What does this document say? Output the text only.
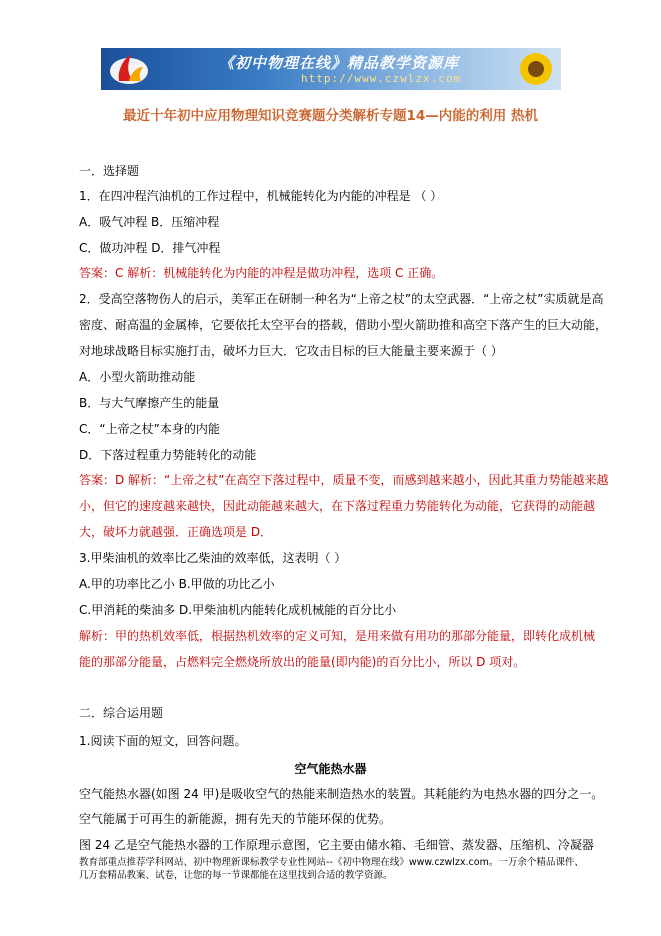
《初中物理在线》精品教学资源库
http://www.czwlzx.com
最近十年初中应用物理知识竞赛题分类解析专题14—内能的利用 热机
一．选择题
1．在四冲程汽油机的工作过程中，机械能转化为内能的冲程是 （ ）
A．吸气冲程 B．压缩冲程
C．做功冲程 D．排气冲程
答案：C 解析：机械能转化为内能的冲程是做功冲程，选项 C 正确。
2．受高空落物伤人的启示，美军正在研制一种名为“上帝之杖”的太空武器．“上帝之杖”实质就是高
密度、耐高温的金属棒，它要依托太空平台的搭载，借助小型火箭助推和高空下落产生的巨大动能，
对地球战略目标实施打击，破坏力巨大．它攻击目标的巨大能量主要来源于（ ）
A．小型火箭助推动能
B．与大气摩擦产生的能量
C．“上帝之杖”本身的内能
D．下落过程重力势能转化的动能
答案：D 解析：“上帝之杖”在高空下落过程中，质量不变，而感到越来越小，因此其重力势能越来越
小，但它的速度越来越快，因此动能越来越大，在下落过程重力势能转化为动能，它获得的动能越
大，破坏力就越强．正确选项是 D．
3.甲柴油机的效率比乙柴油的效率低，这表明（ ）
A.甲的功率比乙小 B.甲做的功比乙小
C.甲消耗的柴油多 D.甲柴油机内能转化成机械能的百分比小
解析：甲的热机效率低，根据热机效率的定义可知，是用来做有用功的那部分能量，即转化成机械
能的那部分能量，占燃料完全燃烧所放出的能量(即内能)的百分比小，所以 D 项对。
二．综合运用题
1.阅读下面的短文，回答问题。
空气能热水器(如图 24 甲)是吸收空气的热能来制造热水的装置。其耗能约为电热水器的四分之一。
空气能属于可再生的新能源，拥有先天的节能环保的优势。
图 24 乙是空气能热水器的工作原理示意图，它主要由储水箱、毛细管、蒸发器、压缩机、冷凝器
空气能热水器
教育部重点推荐学科网站、初中物理新课标教学专业性网站--《初中物理在线》www.czwlzx.com。一万余个精品课件、
几万套精品教案、试卷，让您的每一节课都能在这里找到合适的教学资源。
